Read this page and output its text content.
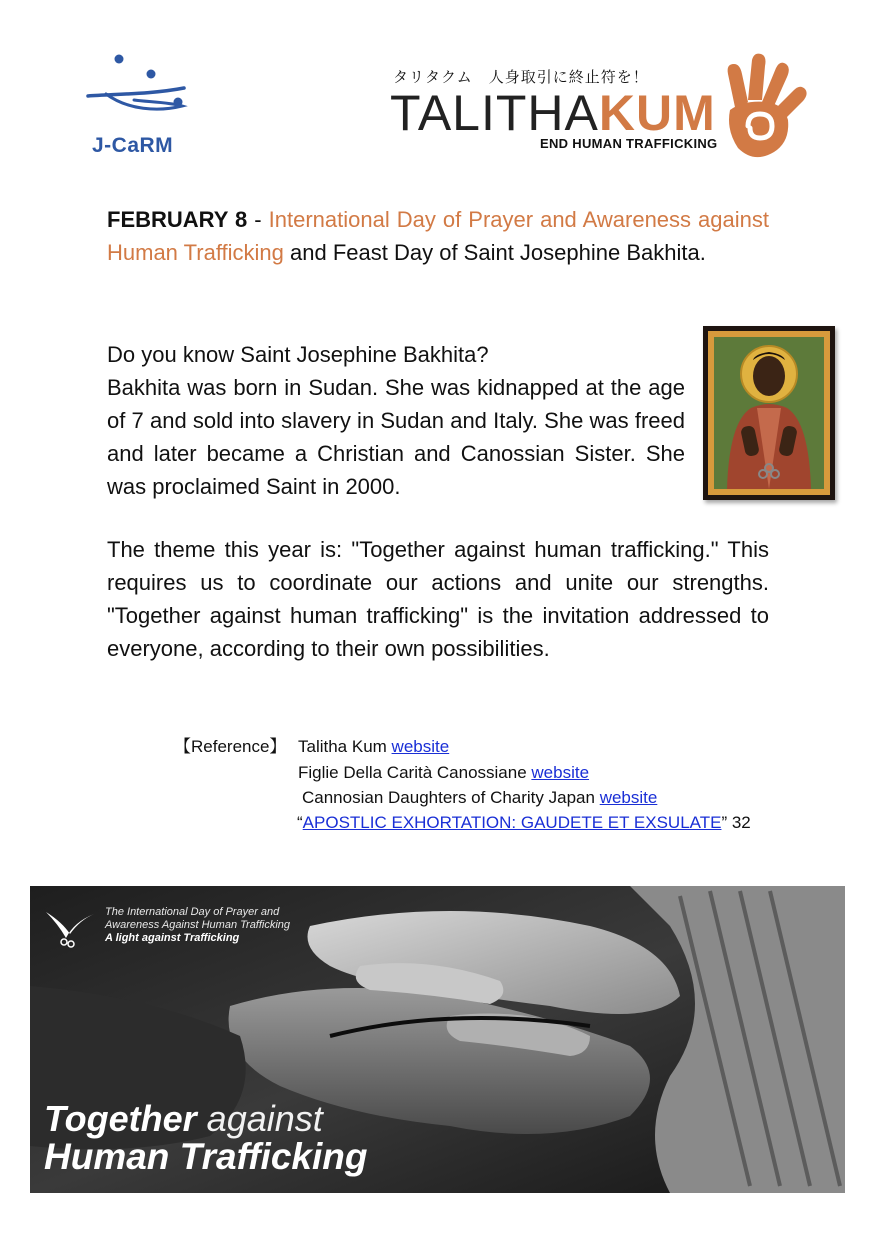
J-CaRM
タリタクム　人身取引に終止符を！
TALITHAKUM
END HUMAN TRAFFICKING
FEBRUARY 8 - International Day of Prayer and Awareness against Human Trafficking and Feast Day of Saint Josephine Bakhita.
Do you know Saint Josephine Bakhita?
Bakhita was born in Sudan. She was kidnapped at the age of 7 and sold into slavery in Sudan and Italy. She was freed and later became a Christian and Canossian Sister. She was proclaimed Saint in 2000.
The theme this year is: "Together against human trafficking." This requires us to coordinate our actions and unite our strengths. "Together against human trafficking" is the invitation addressed to everyone, according to their own possibilities.
【Reference】 Talitha Kum website
Figlie Della Carità Canossiane website
Cannosian Daughters of Charity Japan website
“APOSTLIC EXHORTATION: GAUDETE ET EXSULATE” 32
The International Day of Prayer and
Awareness Against Human Trafficking
A light against Trafficking
Together against
Human Trafficking
